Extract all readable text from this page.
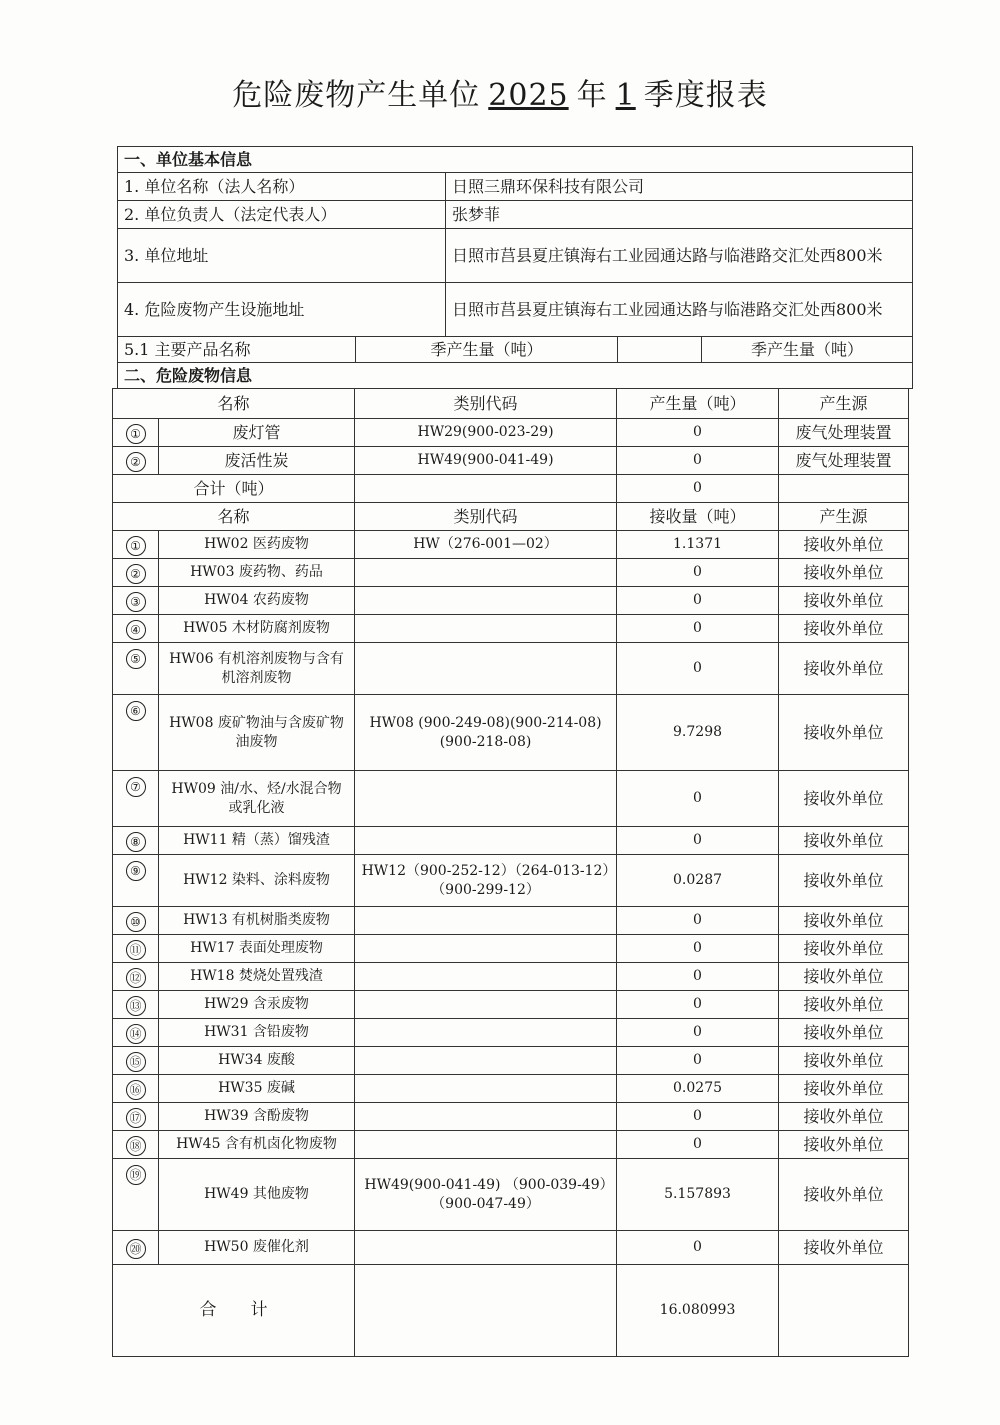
危险废物产生单位 2025 年 1 季度报表
一、单位基本信息				
1. 单位名称（法人名称）		日照三鼎环保科技有限公司		
2. 单位负责人（法定代表人）		张梦菲		
3. 单位地址		日照市莒县夏庄镇海右工业园通达路与临港路交汇处西800米		
4. 危险废物产生设施地址		日照市莒县夏庄镇海右工业园通达路与临港路交汇处西800米		
5.1 主要产品名称	季产生量（吨）			季产生量（吨）
二、危险废物信息				
名称		类别代码	产生量（吨）	产生源
①	废灯管	HW29(900-023-29)	0	废气处理装置
②	废活性炭	HW49(900-041-49)	0	废气处理装置
合计（吨）			0	
名称		类别代码	接收量（吨）	产生源
①	HW02 医药废物	HW（276-001—02）	1.1371	接收外单位
②	HW03 废药物、药品		0	接收外单位
③	HW04 农药废物		0	接收外单位
④	HW05 木材防腐剂废物		0	接收外单位
⑤	HW06 有机溶剂废物与含有机溶剂废物		0	接收外单位
⑥	HW08 废矿物油与含废矿物油废物	HW08 (900-249-08)(900-214-08) (900-218-08)	9.7298	接收外单位
⑦	HW09 油/水、烃/水混合物或乳化液		0	接收外单位
⑧	HW11 精（蒸）馏残渣		0	接收外单位
⑨	HW12 染料、涂料废物	HW12（900-252-12）（264-013-12）（900-299-12）	0.0287	接收外单位
⑩	HW13 有机树脂类废物		0	接收外单位
⑪	HW17 表面处理废物		0	接收外单位
⑫	HW18 焚烧处置残渣		0	接收外单位
⑬	HW29 含汞废物		0	接收外单位
⑭	HW31 含铅废物		0	接收外单位
⑮	HW34 废酸		0	接收外单位
⑯	HW35 废碱		0.0275	接收外单位
⑰	HW39 含酚废物		0	接收外单位
⑱	HW45 含有机卤化物废物		0	接收外单位
⑲	HW49 其他废物	HW49(900-041-49) （900-039-49）（900-047-49）	5.157893	接收外单位
⑳	HW50 废催化剂		0	接收外单位
合　　计			16.080993	
